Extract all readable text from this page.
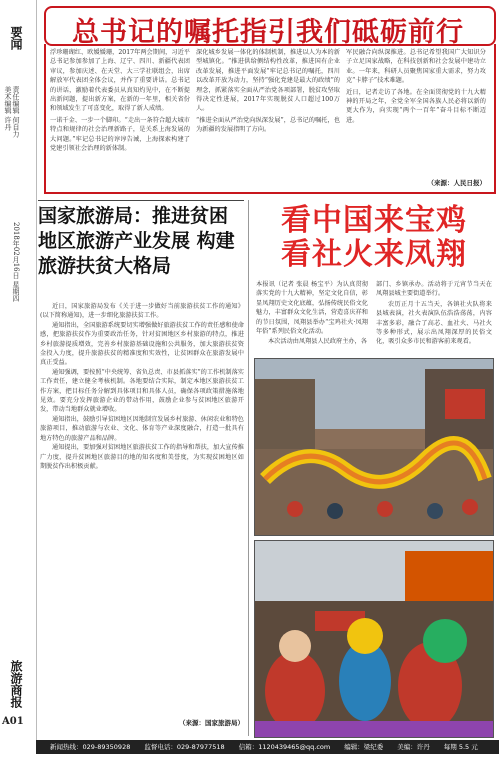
要闻
责任编辑 何自力 美术编辑 许丹
2018年02月16日 星期四
旅游商报
A01
总书记的嘱托指引我们砥砺前行
浮珍珊瑚红、欧媛媛珊，2017年两会期间，习近平总书记参加参加了上海、辽宁、四川、新疆代表团审议，参加庆述、在天堂、大三学社联组会，出席解放军代表团全体会议，并作了重要讲话。总书记的讲话，激励着代表委员从真知灼见中，在不断提出新问题，提出新方案，在新的一年里，相关省份和领域发生了可喜变化，取得了新人成绩。
一诺千金、一步一个脚印。“走出一条符合超大城市特点和规律的社会治理新路子，是关系上海发展的大问题。”牢记总书记的谆谆告诫，上海探索构建了党建引领社会治理的新体制。
深化城乡发展一体化的体制机制，推进以人为本的新型城镇化。“推进供给侧结构性改革，推进国有企业改革发展，推进平面发展”牢记总书记的嘱托，四川以改革开放为动力，坚持“强化党建是最大的政绩”的理念，抓紧落实全面从严治党各项部署，脱贫攻坚取得决定性进展，2017年实现脱贫人口超过100万人。
“推进全面从严治党向纵深发展”，总书记的嘱托，也为新疆的发展指明了方向。
军民融合向纵深推进。总书记希望我国广大知识分子立足国家战略，在科技创新和社会发展中建功立业。一年来，科研人员聚焦国家重大需求，努力攻克“卡脖子”技术难题。
近日，记者走访了各地。在全面贯彻党的十九大精神的开局之年，全党全军全国各族人民必将以新的更大作为，向实现“两个一百年”奋斗目标不断迈进。
（来源：人民日报）
国家旅游局：推进贫困地区旅游产业发展 构建旅游扶贫大格局
近日，国家旅游局发布《关于进一步做好当前旅游扶贫工作的通知》(以下简称通知)，进一步细化旅游扶贫工作。
通知指出，全国旅游系统要切实增强做好旅游扶贫工作的责任感和使命感，把旅游扶贫作为重要政治任务，针对贫困地区乡村旅游的特点，推进乡村旅游提质增效，完善乡村旅游基础设施和公共服务，加大旅游扶贫资金投入力度，提升旅游扶贫的精准度和实效性，让贫困群众在旅游发展中真正受益。
通知强调，要按照“中央统筹、省负总责、市县抓落实”的工作机制落实工作责任，建立健全考核机制。各地要结合实际，制定本地区旅游扶贫工作方案，把目标任务分解到具体项目和具体人员，确保各项政策措施落地见效。要充分发挥旅游企业的带动作用，鼓励企业参与贫困地区旅游开发，带动当地群众就业增收。
通知指出，鼓励引导贫困地区因地制宜发展乡村旅游、休闲农业和特色旅游项目，推动旅游与农业、文化、体育等产业深度融合，打造一批具有地方特色的旅游产品和品牌。
通知提出，要加强对贫困地区旅游扶贫工作的指导和帮扶，加大宣传推广力度，提升贫困地区旅游目的地的知名度和美誉度，为实现贫困地区如期脱贫作出积极贡献。
（来源：国家旅游局）
看中国来宝鸡
看社火来凤翔
本报讯（记者 张晨 杨宝平）为认真贯彻落实党的十九大精神，坚定文化自信，彰显凤翔历史文化底蕴，弘扬传统民俗文化魅力，丰富群众文化生活，营造喜庆祥和的节日氛围，凤翔县举办“宝鸡社火·凤翔年俗”系列民俗文化活动。
本次活动由凤翔县人民政府主办，各
部门、乡镇承办。活动将于元宵节当天在凤翔县城主要街道举行。
农历正月十五当天，各镇社火队将来县城表演，社火表演队伍浩浩荡荡，内容丰富多彩，融合了高芯、血社火、马社火等多种形式，展示出凤翔深厚的民俗文化，吸引众多市民和游客前来观看。
新闻热线：029-89350928 监督电话：029-87977518 信箱：1120439465@qq.com 编辑：梁纪委 美编：许丹 每期 5.5 元
